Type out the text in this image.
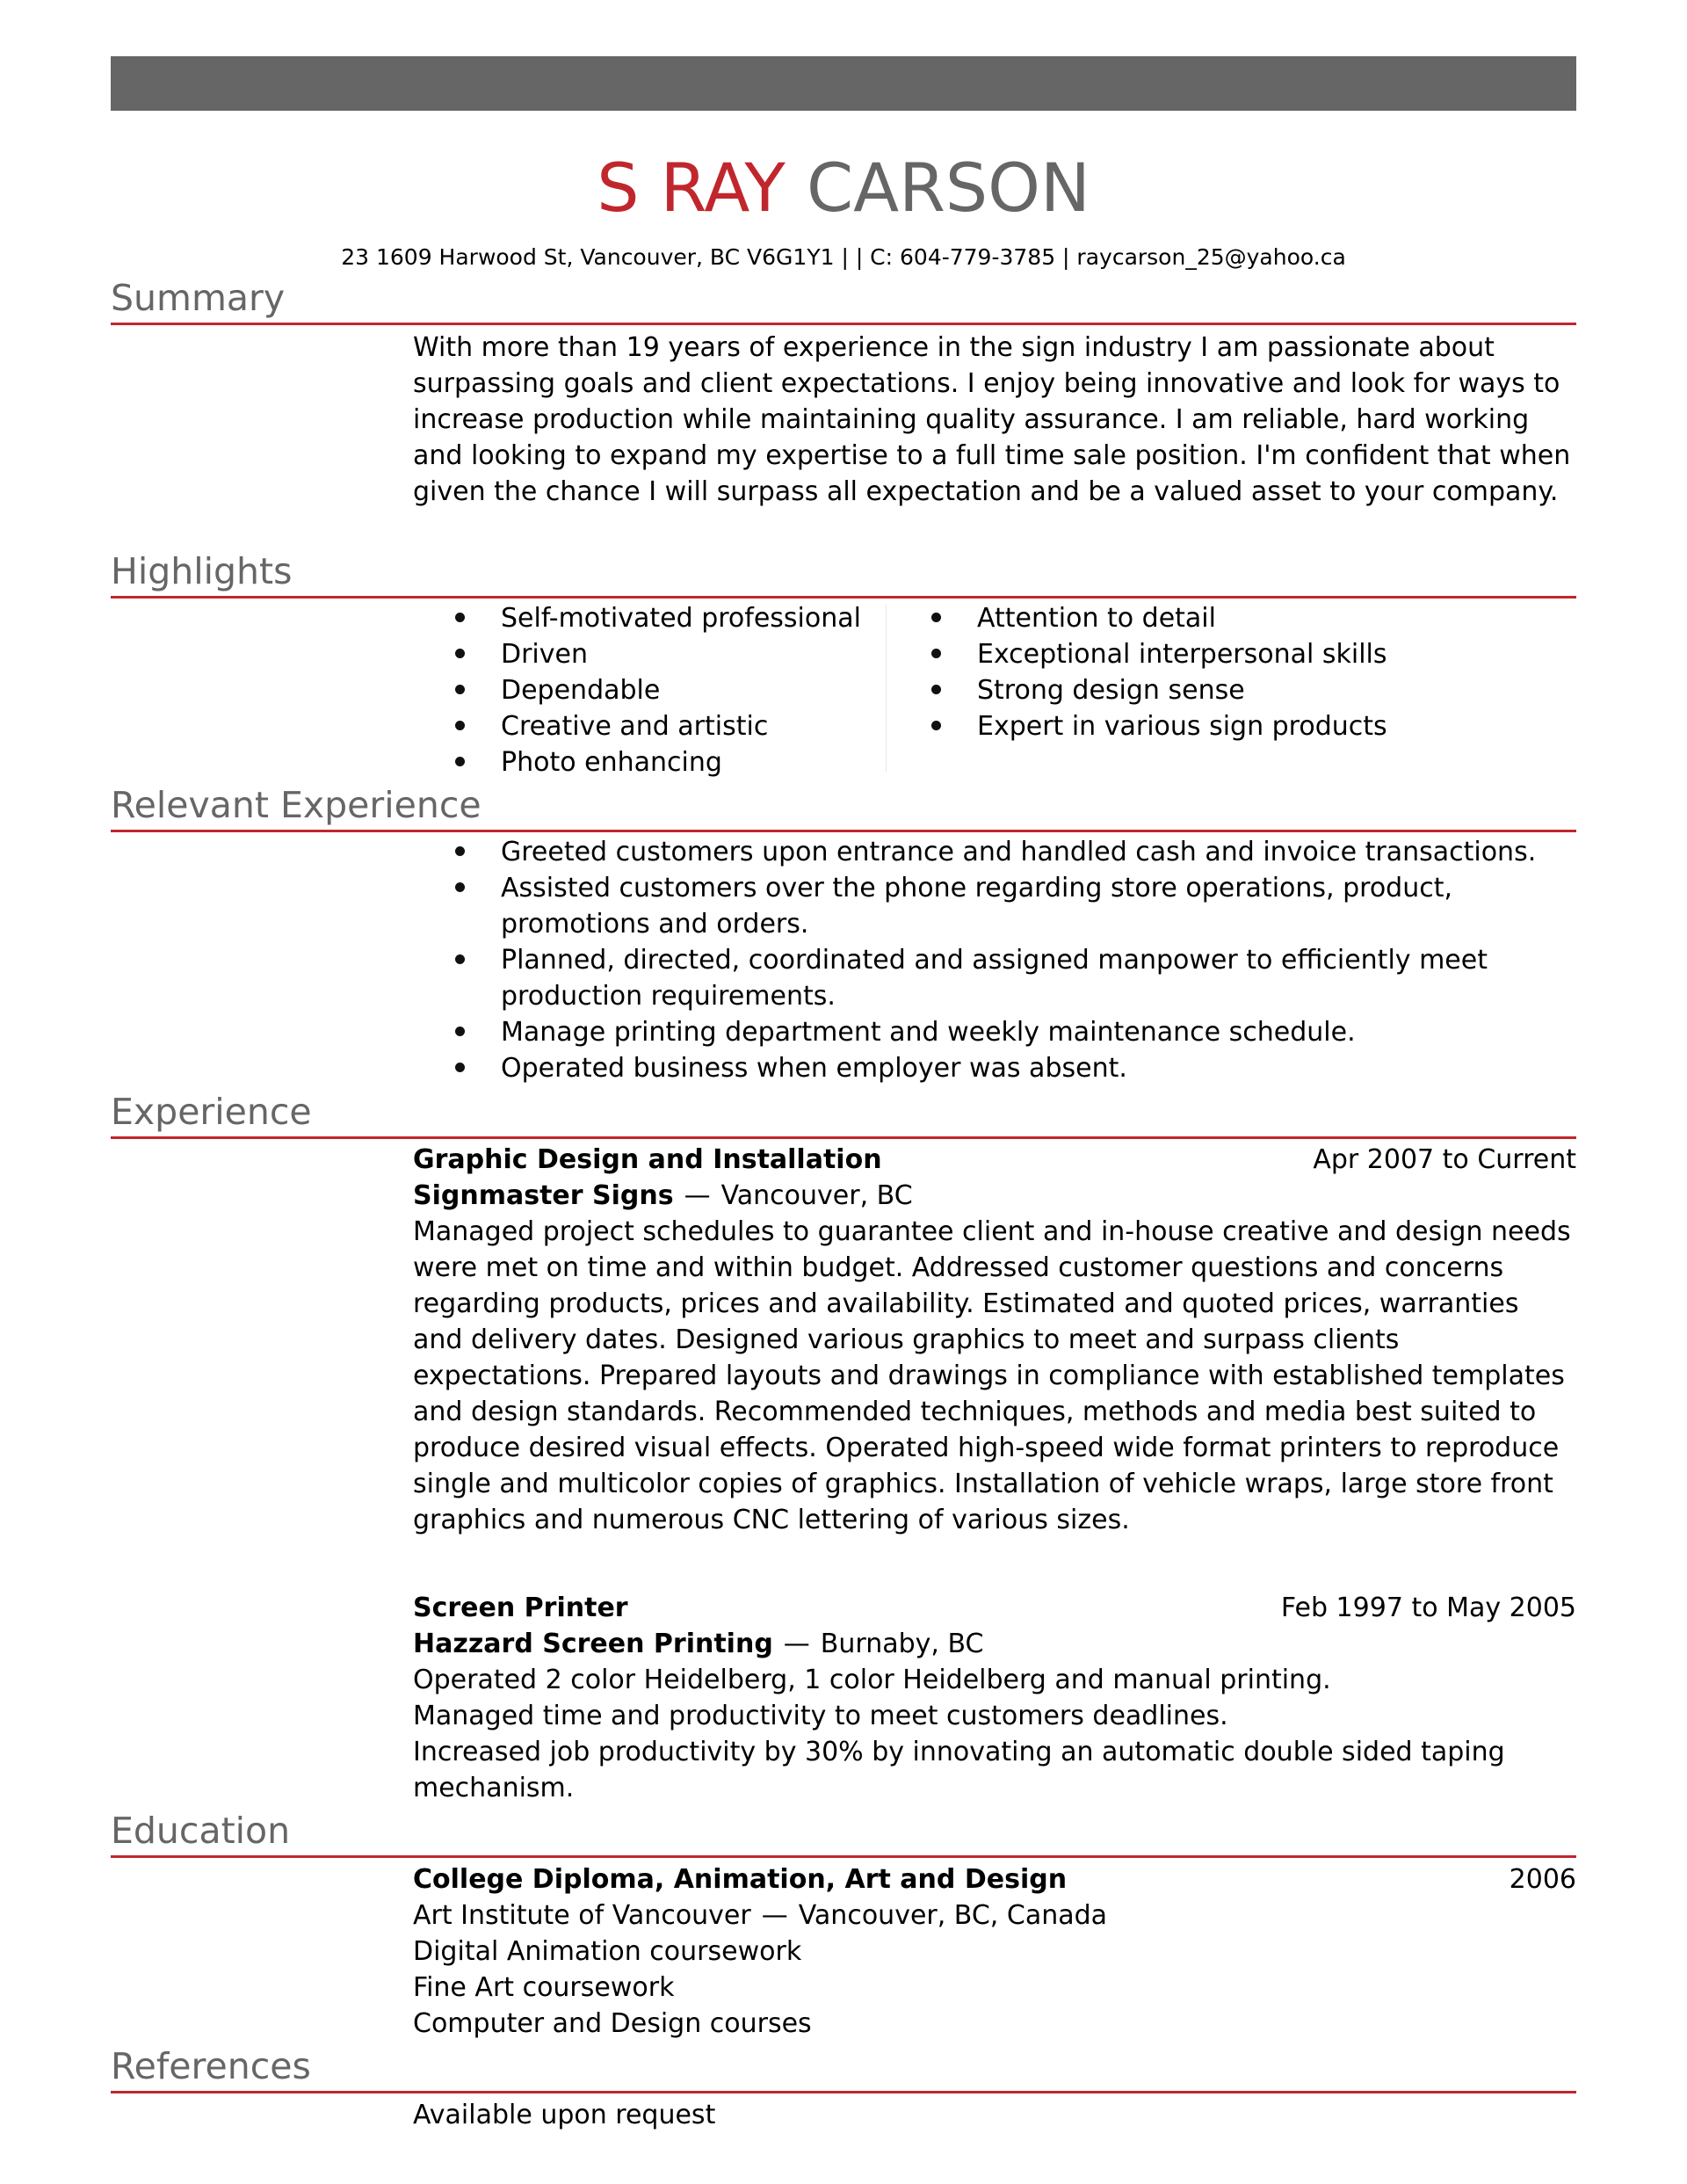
S RAY CARSON
23 1609 Harwood St, Vancouver, BC V6G1Y1 | | C: 604-779-3785 | raycarson_25@yahoo.ca
Summary

With more than 19 years of experience in the sign industry I am passionate about surpassing goals and client expectations. I enjoy being innovative and look for ways to increase production while maintaining quality assurance. I am reliable, hard working and looking to expand my expertise to a full time sale position. I'm confident that when given the chance I will surpass all expectation and be a valued asset to your company.

Highlights
Self-motivated professional
Driven
Dependable
Creative and artistic
Photo enhancing
Attention to detail
Exceptional interpersonal skills
Strong design sense
Expert in various sign products
Relevant Experience
Greeted customers upon entrance and handled cash and invoice transactions.
Assisted customers over the phone regarding store operations, product, promotions and orders.
Planned, directed, coordinated and assigned manpower to efficiently meet production requirements.
Manage printing department and weekly maintenance schedule.
Operated business when employer was absent.
Experience
Graphic Design and Installation	Apr 2007 to Current
Signmaster Signs — Vancouver, BC

Managed project schedules to guarantee client and in-house creative and design needs were met on time and within budget. Addressed customer questions and concerns regarding products, prices and availability. Estimated and quoted prices, warranties and delivery dates. Designed various graphics to meet and surpass clients expectations. Prepared layouts and drawings in compliance with established templates and design standards. Recommended techniques, methods and media best suited to produce desired visual effects. Operated high-speed wide format printers to reproduce single and multicolor copies of graphics. Installation of vehicle wraps, large store front graphics and numerous CNC lettering of various sizes.

Screen Printer	Feb 1997 to May 2005
Hazzard Screen Printing — Burnaby, BC
Operated 2 color Heidelberg, 1 color Heidelberg and manual printing.
Managed time and productivity to meet customers deadlines.
Increased job productivity by 30% by innovating an automatic double sided taping mechanism.
Education
College Diploma, Animation, Art and Design	2006
Art Institute of Vancouver — Vancouver, BC, Canada
Digital Animation coursework
Fine Art coursework
Computer and Design courses
References
Available upon request
